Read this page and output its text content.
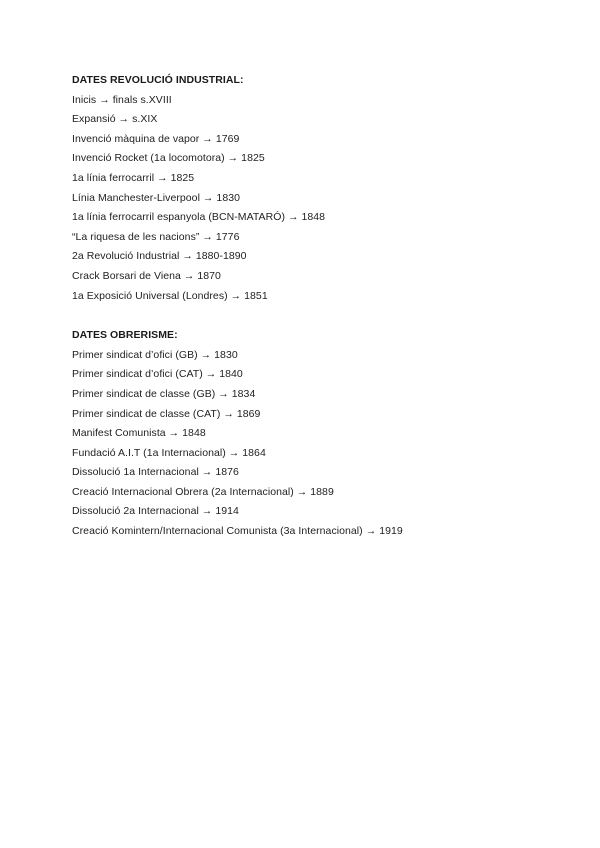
DATES REVOLUCIÓ INDUSTRIAL:

Inicis → finals s.XVIII

Expansió → s.XIX

Invenció màquina de vapor → 1769

Invenció Rocket (1a locomotora) → 1825

1a línia ferrocarril → 1825

Línia Manchester-Liverpool → 1830

1a línia ferrocarril espanyola (BCN-MATARÓ) → 1848

“La riquesa de les nacions” → 1776

2a Revolució Industrial → 1880-1890

Crack Borsari de Viena → 1870

1a Exposició Universal (Londres) → 1851

DATES OBRERISME:

Primer sindicat d’ofici (GB) → 1830

Primer sindicat d’ofici (CAT) → 1840

Primer sindicat de classe (GB) → 1834

Primer sindicat de classe (CAT) → 1869

Manifest Comunista → 1848

Fundació A.I.T (1a Internacional) → 1864

Dissolució 1a Internacional → 1876

Creació Internacional Obrera (2a Internacional) → 1889

Dissolució 2a Internacional → 1914

Creació Komintern/Internacional Comunista (3a Internacional) → 1919
